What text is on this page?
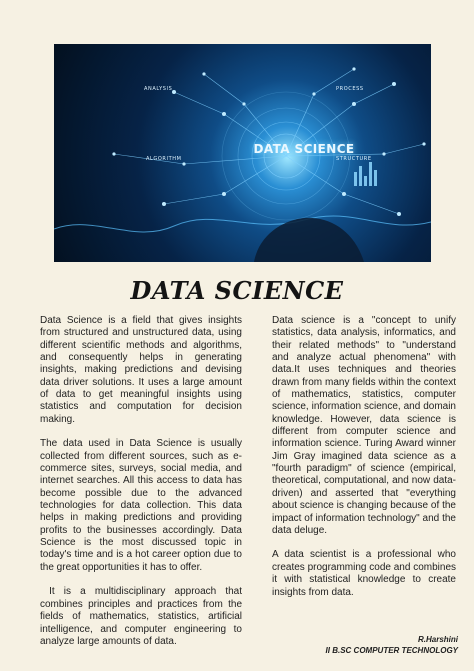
ANALYSIS	PROCESS
ALGORITHM	STRUCTURE
DATA SCIENCE
DATA SCIENCE

Data Science is a field that gives insights from structured and unstructured data, using different scientific methods and algorithms, and consequently helps in generating insights, making predictions and devising data driver solutions. It uses a large amount of data to get meaningful insights using statistics and computation for decision making.

The data used in Data Science is usually collected from different sources, such as e-commerce sites, surveys, social media, and internet searches. All this access to data has become possible due to the advanced technologies for data collection. This data helps in making predictions and providing profits to the businesses accordingly. Data Science is the most discussed topic in today's time and is a hot career option due to the great opportunities it has to offer.

It is a multidisciplinary approach that combines principles and practices from the fields of mathematics, statistics, artificial intelligence, and computer engineering to analyze large amounts of data.

Data science is a "concept to unify statistics, data analysis, informatics, and their related methods" to "understand and analyze actual phenomena" with data.It uses techniques and theories drawn from many fields within the context of mathematics, statistics, computer science, information science, and domain knowledge. However, data science is different from computer science and information science. Turing Award winner Jim Gray imagined data science as a "fourth paradigm" of science (empirical, theoretical, computational, and now data-driven) and asserted that "everything about science is changing because of the impact of information technology" and the data deluge.

A data scientist is a professional who creates programming code and combines it with statistical knowledge to create insights from data.

R.Harshini
II B.SC COMPUTER TECHNOLOGY
